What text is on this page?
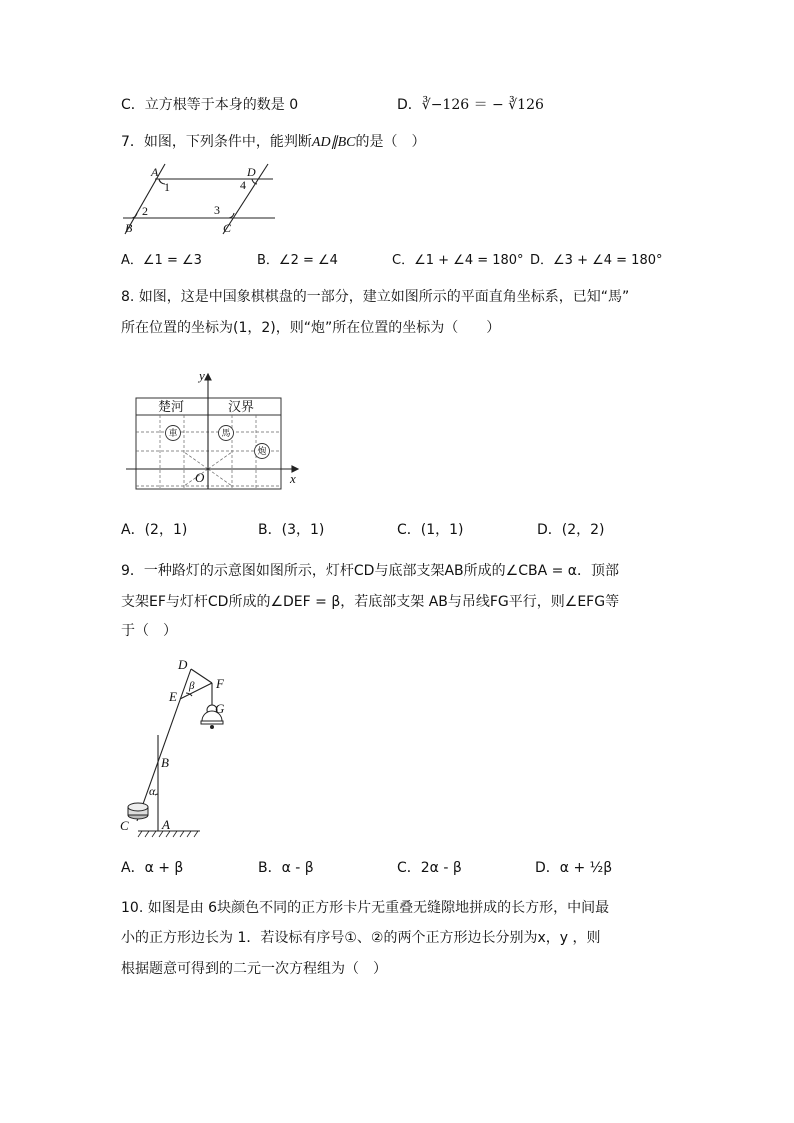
C．立方根等于本身的数是 0	D．∛−126 ＝ − ∛126
7．如图，下列条件中，能判断AD∥BC的是（　）
A	D
B	C
1
2	3
4
A．∠1 = ∠3	B．∠2 = ∠4	C．∠1 + ∠4 = 180° D．∠3 + ∠4 = 180°
8. 如图，这是中国象棋棋盘的一部分，建立如图所示的平面直角坐标系，已知“馬”
所在位置的坐标为(1，2)，则“炮”所在位置的坐标为（　　）
楚河	汉界
車	馬
炮
y
x
O
A．(2，1)	B．(3，1)	C．(1，1)	D．(2，2)
9．一种路灯的示意图如图所示，灯杆CD与底部支架AB所成的∠CBA = α．顶部
支架EF与灯杆CD所成的∠DEF = β，若底部支架 AB与吊线FG平行，则∠EFG等
于（　）
D
E
F
G
B
C	A
α
β
A．α + β	B．α - β	C．2α - β	D．α + ½β
10. 如图是由 6块颜色不同的正方形卡片无重叠无缝隙地拼成的长方形，中间最
小的正方形边长为 1．若设标有序号①、②的两个正方形边长分别为x，y ，则
根据题意可得到的二元一次方程组为（　）
